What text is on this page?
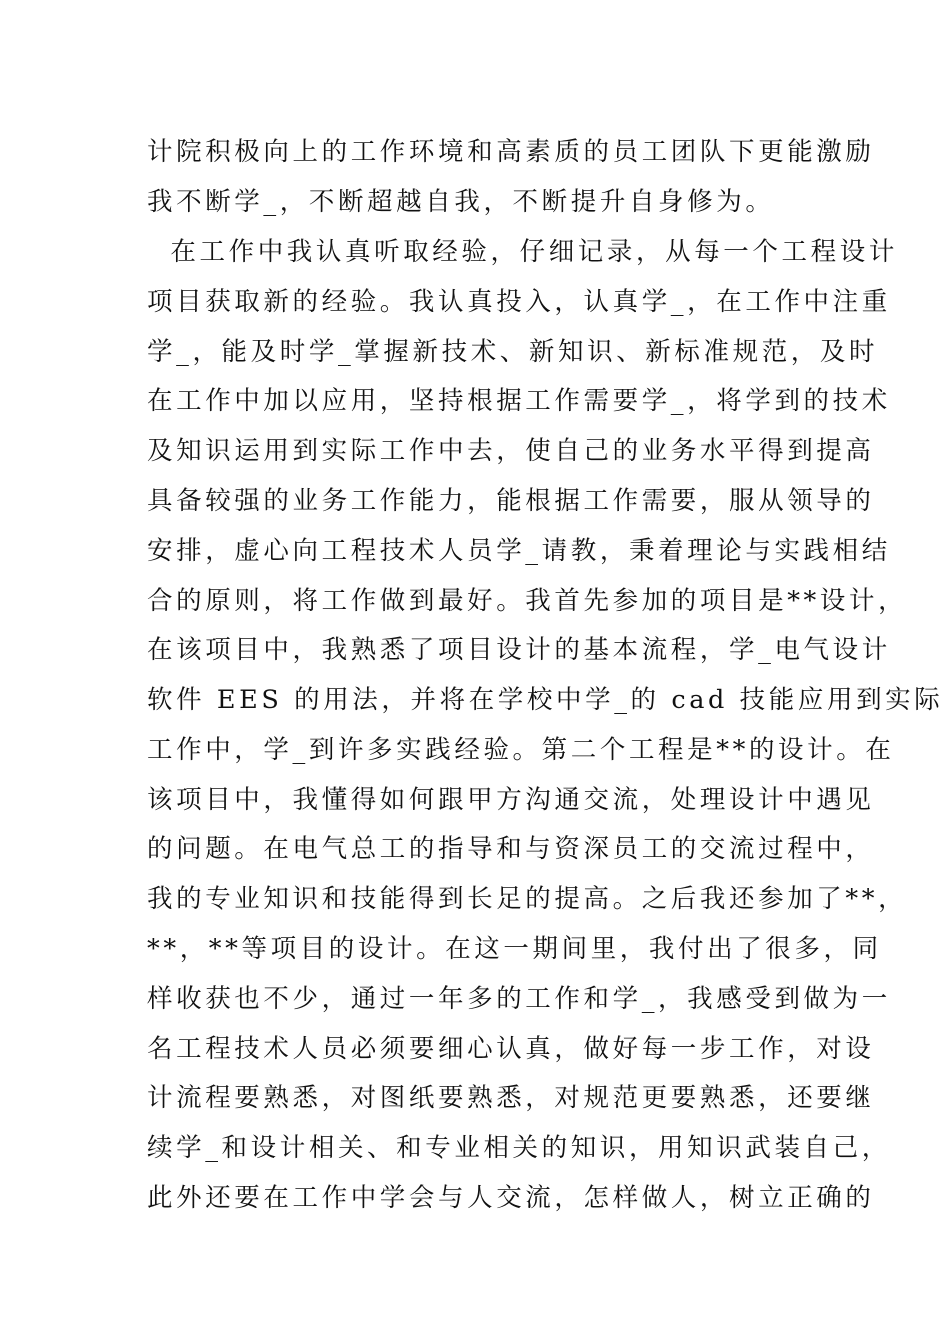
计院积极向上的工作环境和高素质的员工团队下更能激励
我不断学_，不断超越自我，不断提升自身修为。
在工作中我认真听取经验，仔细记录，从每一个工程设计
项目获取新的经验。我认真投入，认真学_，在工作中注重
学_，能及时学_掌握新技术、新知识、新标准规范，及时
在工作中加以应用，坚持根据工作需要学_，将学到的技术
及知识运用到实际工作中去，使自己的业务水平得到提高
具备较强的业务工作能力，能根据工作需要，服从领导的
安排，虚心向工程技术人员学_请教，秉着理论与实践相结
合的原则，将工作做到最好。我首先参加的项目是**设计，
在该项目中，我熟悉了项目设计的基本流程，学_电气设计
软件 EES 的用法，并将在学校中学_的 cad 技能应用到实际
工作中，学_到许多实践经验。第二个工程是**的设计。在
该项目中，我懂得如何跟甲方沟通交流，处理设计中遇见
的问题。在电气总工的指导和与资深员工的交流过程中，
我的专业知识和技能得到长足的提高。之后我还参加了**，
**，**等项目的设计。在这一期间里，我付出了很多，同
样收获也不少，通过一年多的工作和学_，我感受到做为一
名工程技术人员必须要细心认真，做好每一步工作，对设
计流程要熟悉，对图纸要熟悉，对规范更要熟悉，还要继
续学_和设计相关、和专业相关的知识，用知识武装自己，
此外还要在工作中学会与人交流，怎样做人，树立正确的
